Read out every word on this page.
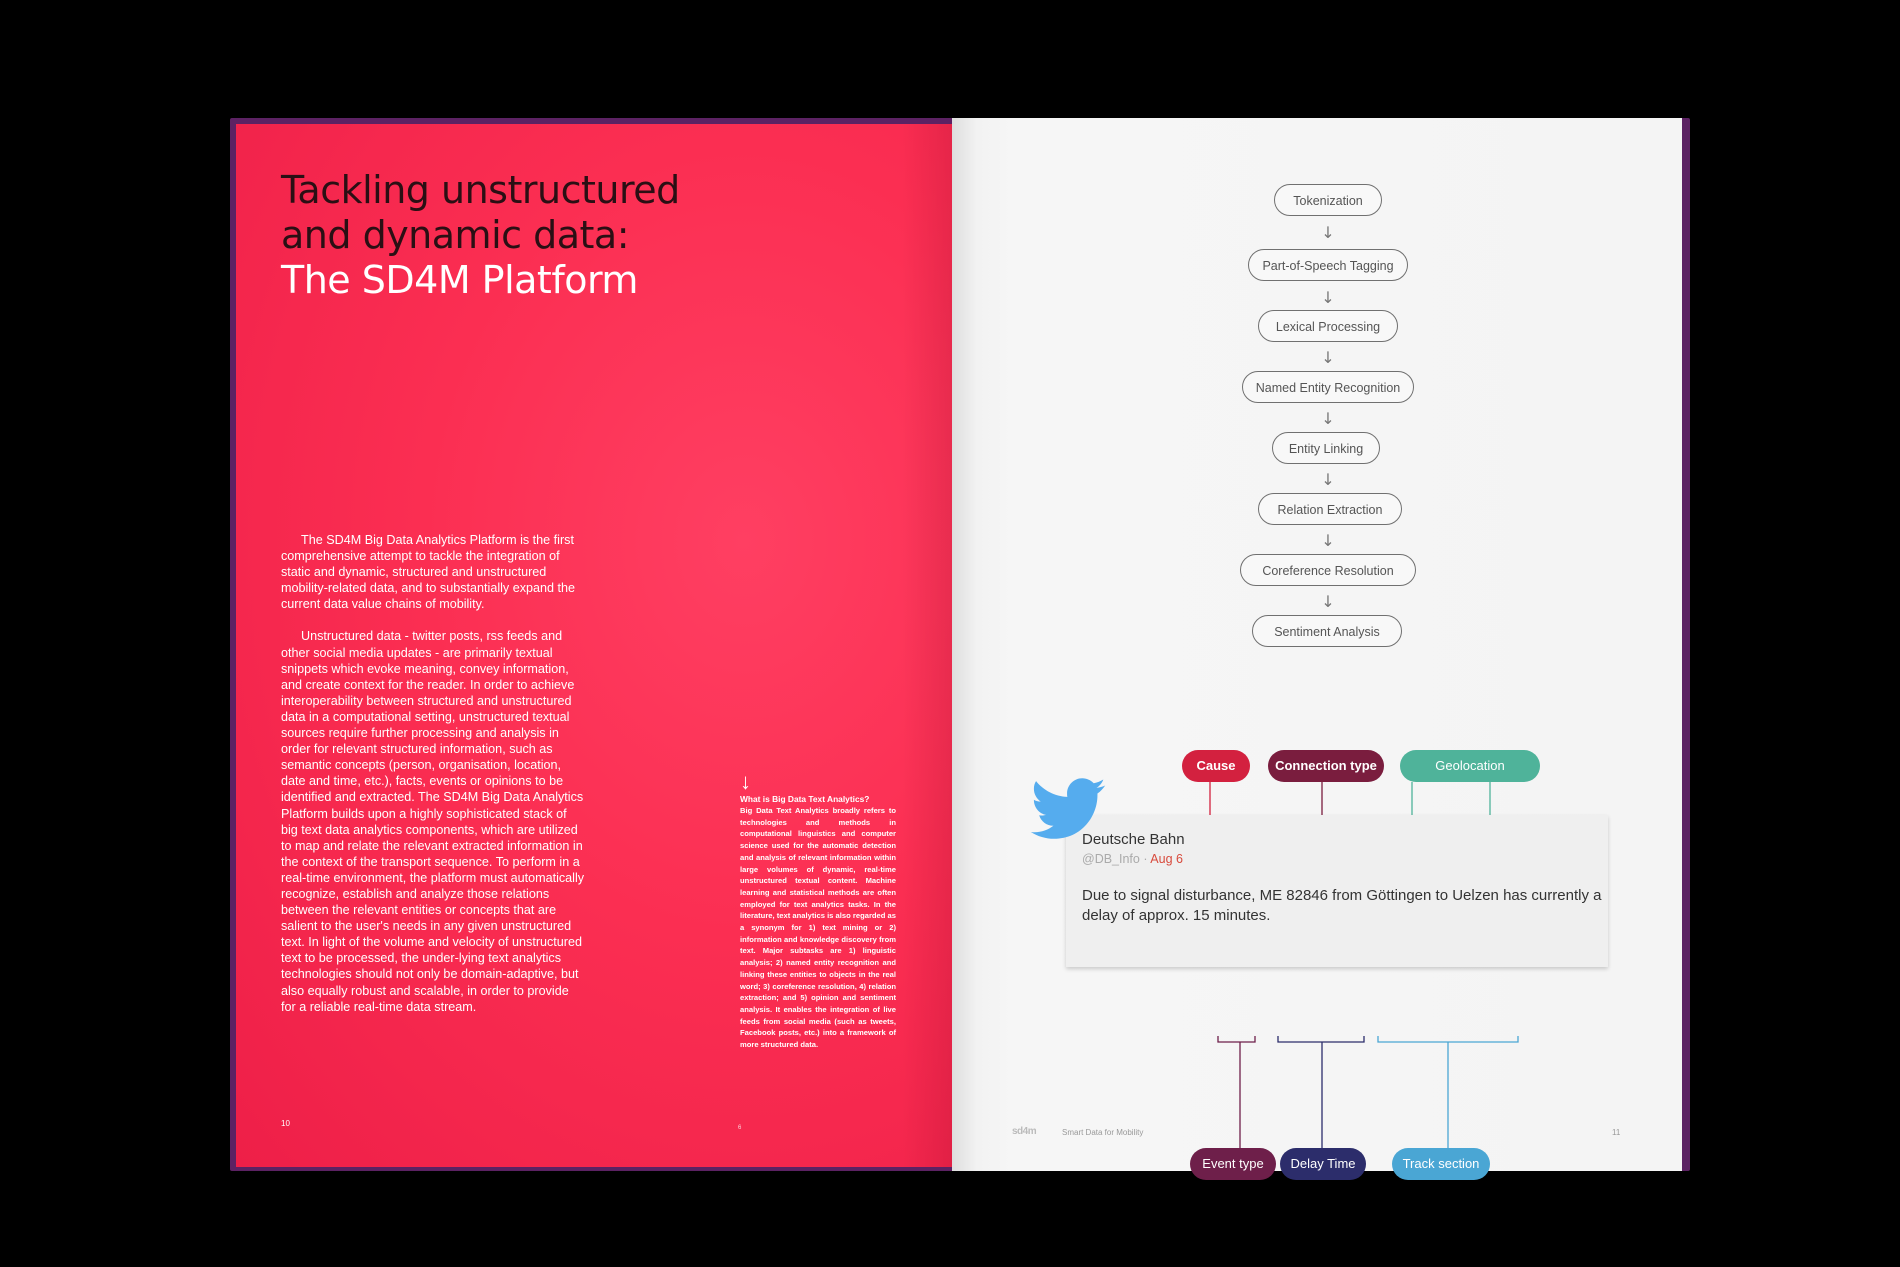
Tackling unstructured
and dynamic data:
The SD4M Platform

The SD4M Big Data Analytics Platform is the first comprehensive attempt to tackle the integration of static and dynamic, structured and unstructured mobility-related data, and to substantially expand the current data value chains of mobility.

Unstructured data - twitter posts, rss feeds and other social media updates - are primarily textual snippets which evoke meaning, convey information, and create context for the reader. In order to achieve interoperability between structured and unstructured data in a computational setting, unstructured textual sources require further processing and analysis in order for relevant structured information, such as semantic concepts (person, organisation, location, date and time, etc.), facts, events or opinions to be identified and extracted. The SD4M Big Data Analytics Platform builds upon a highly sophisticated stack of big text data analytics components, which are utilized to map and relate the relevant extracted information in the context of the transport sequence. To perform in a real-time environment, the platform must automatically recognize, establish and analyze those relations between the relevant entities or concepts that are salient to the user's needs in any given unstructured text. In light of the volume and velocity of unstructured text to be processed, the under-lying text analytics technologies should not only be domain-adaptive, but also equally robust and scalable, in order to provide for a reliable real-time data stream.

↓
What is Big Data Text Analytics?
Big Data Text Analytics broadly refers to technologies and methods in computational linguistics and computer science used for the automatic detection and analysis of relevant information within large volumes of dynamic, real-time unstructured textual content. Machine learning and statistical methods are often employed for text analytics tasks. In the literature, text analytics is also regarded as a synonym for 1) text mining or 2) information and knowledge discovery from text. Major subtasks are 1) linguistic analysis; 2) named entity recognition and linking these entities to objects in the real word; 3) coreference resolution, 4) relation extraction; and 5) opinion and sentiment analysis. It enables the integration of live feeds from social media (such as tweets, Facebook posts, etc.) into a framework of more structured data.
10	6
Tokenization
↓
Part-of-Speech Tagging
↓
Lexical Processing
↓
Named Entity Recognition
↓
Entity Linking
↓
Relation Extraction
↓
Coreference Resolution
↓
Sentiment Analysis
Deutsche Bahn
@DB_Info · Aug 6
Due to signal disturbance, ME 82846 from Göttingen to Uelzen has currently a delay of approx. 15 minutes.
Cause	Connection type	Geolocation
Event type	Delay Time	Track section
sd4m	Smart Data for Mobility	11
